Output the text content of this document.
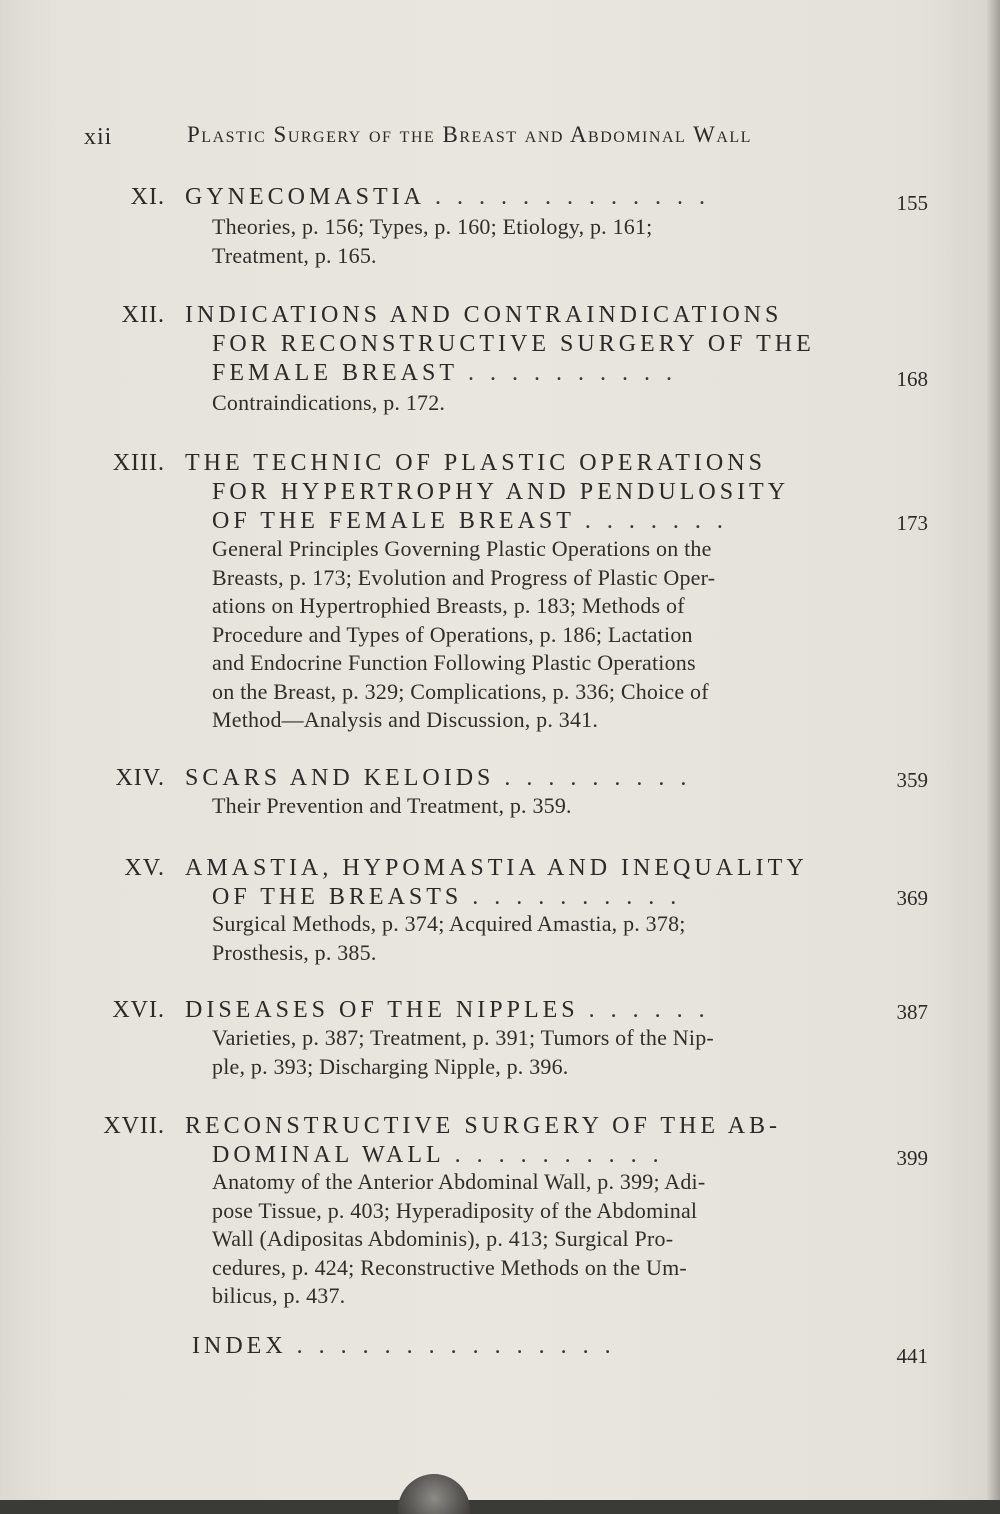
xii	Plastic Surgery of the Breast and Abdominal Wall
XI. GYNECOMASTIA .............	155
Theories, p. 156; Types, p. 160; Etiology, p. 161;
Treatment, p. 165.
XII. INDICATIONS AND CONTRAINDICATIONS
FOR RECONSTRUCTIVE SURGERY OF THE
FEMALE BREAST ..........	168
Contraindications, p. 172.
XIII. THE TECHNIC OF PLASTIC OPERATIONS
FOR HYPERTROPHY AND PENDULOSITY
OF THE FEMALE BREAST .......	173
General Principles Governing Plastic Operations on the
Breasts, p. 173; Evolution and Progress of Plastic Oper-
ations on Hypertrophied Breasts, p. 183; Methods of
Procedure and Types of Operations, p. 186; Lactation
and Endocrine Function Following Plastic Operations
on the Breast, p. 329; Complications, p. 336; Choice of
Method—Analysis and Discussion, p. 341.
XIV. SCARS AND KELOIDS .........	359
Their Prevention and Treatment, p. 359.
XV. AMASTIA, HYPOMASTIA AND INEQUALITY
OF THE BREASTS ..........	369
Surgical Methods, p. 374; Acquired Amastia, p. 378;
Prosthesis, p. 385.
XVI. DISEASES OF THE NIPPLES ......	387
Varieties, p. 387; Treatment, p. 391; Tumors of the Nip-
ple, p. 393; Discharging Nipple, p. 396.
XVII. RECONSTRUCTIVE SURGERY OF THE AB-
DOMINAL WALL ..........	399
Anatomy of the Anterior Abdominal Wall, p. 399; Adi-
pose Tissue, p. 403; Hyperadiposity of the Abdominal
Wall (Adipositas Abdominis), p. 413; Surgical Pro-
cedures, p. 424; Reconstructive Methods on the Um-
bilicus, p. 437.
INDEX ...............	441
